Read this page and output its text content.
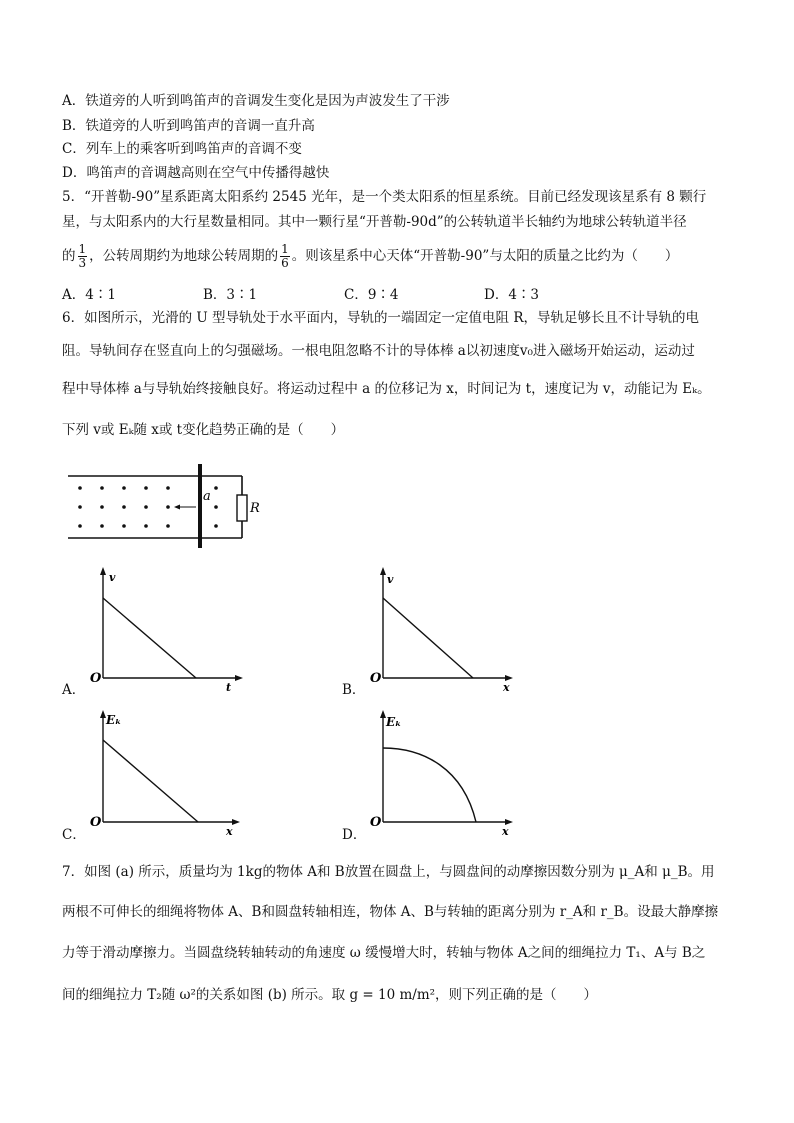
A．铁道旁的人听到鸣笛声的音调发生变化是因为声波发生了干涉
B．铁道旁的人听到鸣笛声的音调一直升高
C．列车上的乘客听到鸣笛声的音调不变
D．鸣笛声的音调越高则在空气中传播得越快
5．“开普勒-90”星系距离太阳系约 2545 光年，是一个类太阳系的恒星系统。目前已经发现该星系有 8 颗行
星，与太阳系内的大行星数量相同。其中一颗行星“开普勒-90d”的公转轨道半长轴约为地球公转轨道半径
的 $\frac{1}{3}$ ，公转周期约为地球公转周期的 $\frac{1}{6}$ 。则该星系中心天体“开普勒-90”与太阳的质量之比约为（　　）
A．4∶1	B．3∶1	C．9∶4	D．4∶3
6．如图所示，光滑的 U 型导轨处于水平面内，导轨的一端固定一定值电阻 R，导轨足够长且不计导轨的电
阻。导轨间存在竖直向上的匀强磁场。一根电阻忽略不计的导体棒 a以初速度v₀进入磁场开始运动，运动过
程中导体棒 a与导轨始终接触良好。将运动过程中 a 的位移记为 x，时间记为 t，速度记为 v，动能记为 Eₖ。
下列 v或 Eₖ随 x或 t变化趋势正确的是（　　）
R
a
A．
v
O
t	B．
v
O
x
C．
Eₖ
O
x	D．
Eₖ
O
x
7．如图 (a) 所示，质量均为 1kg的物体 A和 B放置在圆盘上，与圆盘间的动摩擦因数分别为 μ_A和 μ_B。用
两根不可伸长的细绳将物体 A、B和圆盘转轴相连，物体 A、B与转轴的距离分别为 r_A和 r_B。设最大静摩擦
力等于滑动摩擦力。当圆盘绕转轴转动的角速度 ω 缓慢增大时，转轴与物体 A之间的细绳拉力 T₁、A与 B之
间的细绳拉力 T₂随 ω²的关系如图 (b) 所示。取 g = 10 m/m²，则下列正确的是（　　）
